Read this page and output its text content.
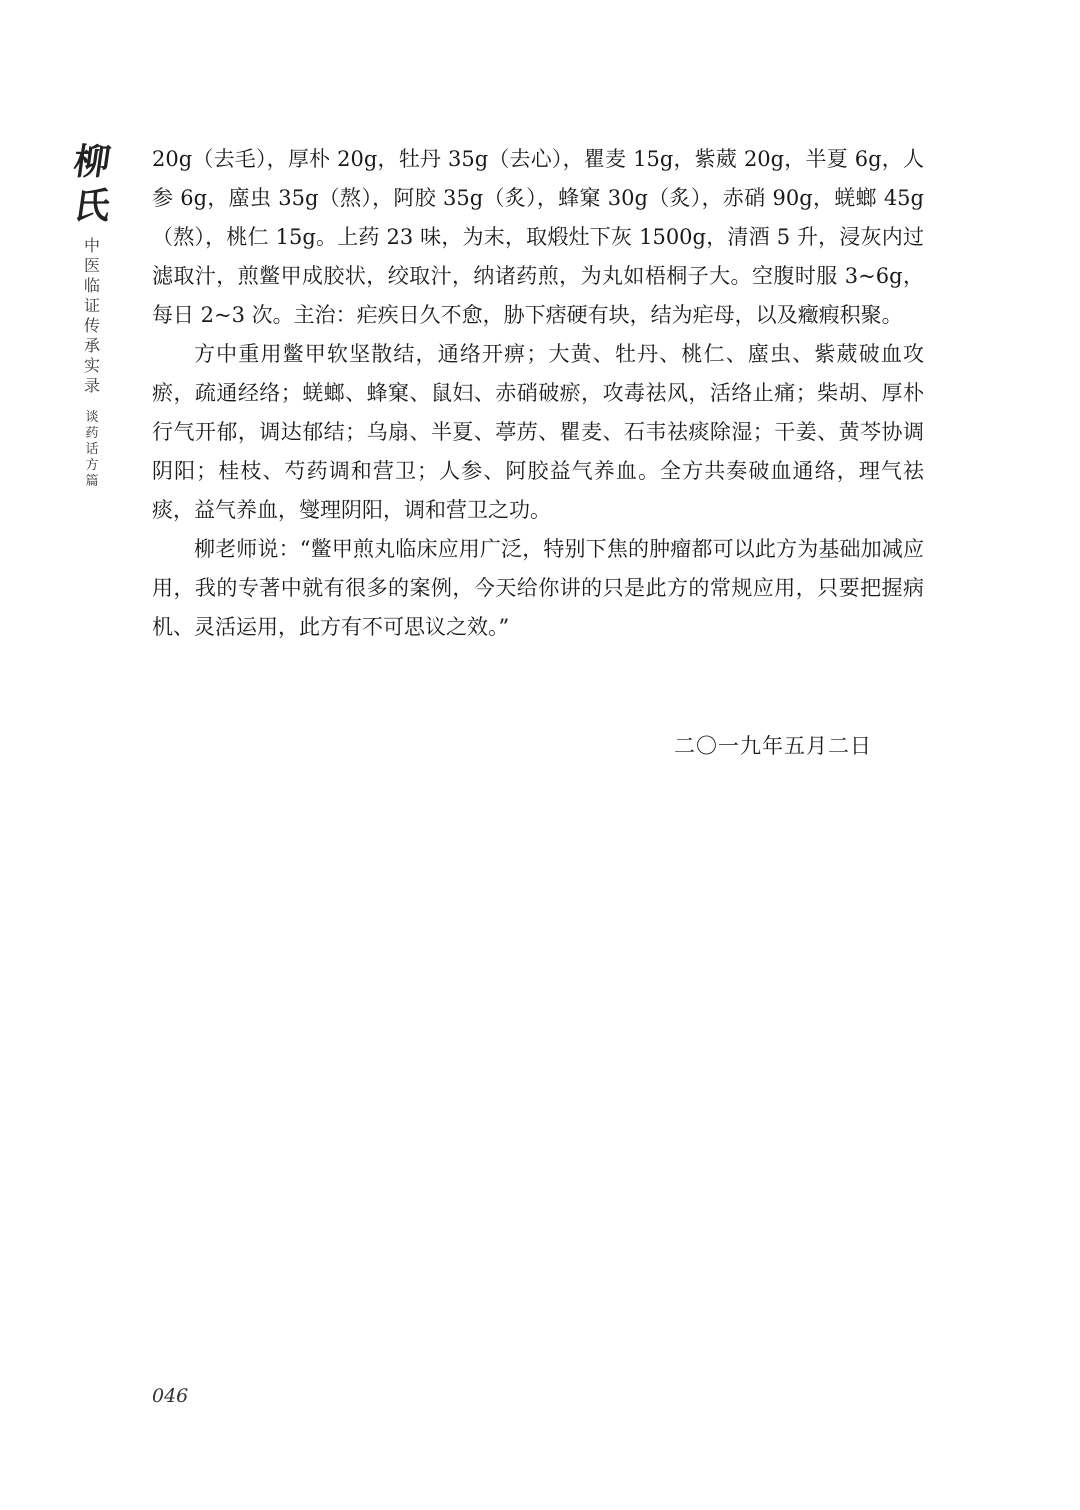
柳
氏
中
医
临
证
传
承
实
录
谈
药
话
方
篇

20g（去毛），厚朴 20g，牡丹 35g（去心），瞿麦 15g，紫葳 20g，半夏 6g，人参 6g，䗪虫 35g（熬），阿胶 35g（炙），蜂窠 30g（炙），赤硝 90g，蜣螂 45g（熬），桃仁 15g。上药 23 味，为末，取煅灶下灰 1500g，清酒 5 升，浸灰内过滤取汁，煎鳖甲成胶状，绞取汁，纳诸药煎，为丸如梧桐子大。空腹时服 3~6g，每日 2~3 次。主治：疟疾日久不愈，胁下痞硬有块，结为疟母，以及癥瘕积聚。

方中重用鳖甲软坚散结，通络开痹；大黄、牡丹、桃仁、䗪虫、紫葳破血攻瘀，疏通经络；蜣螂、蜂窠、鼠妇、赤硝破瘀，攻毒祛风，活络止痛；柴胡、厚朴行气开郁，调达郁结；乌扇、半夏、葶苈、瞿麦、石韦祛痰除湿；干姜、黄芩协调阴阳；桂枝、芍药调和营卫；人参、阿胶益气养血。全方共奏破血通络，理气祛痰，益气养血，燮理阴阳，调和营卫之功。

柳老师说：“鳖甲煎丸临床应用广泛，特别下焦的肿瘤都可以此方为基础加减应用，我的专著中就有很多的案例，今天给你讲的只是此方的常规应用，只要把握病机、灵活运用，此方有不可思议之效。”

二〇一九年五月二日
046
